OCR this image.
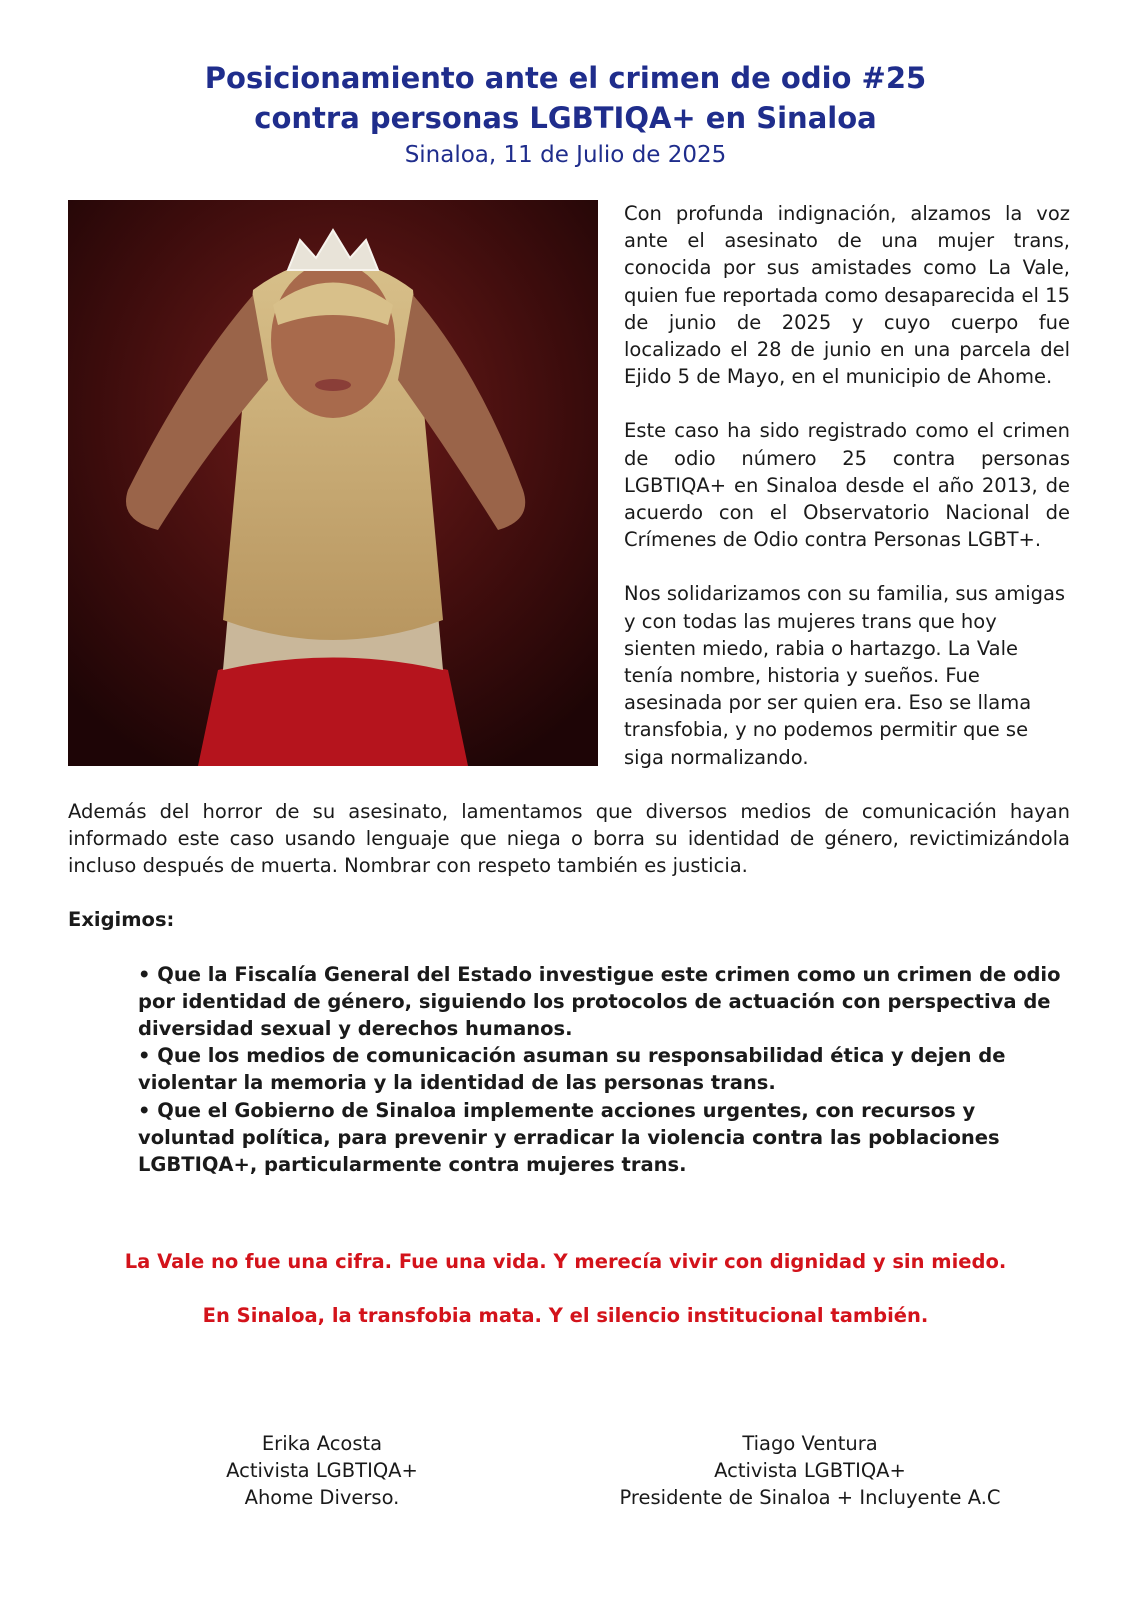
Posicionamiento ante el crimen de odio #25

contra personas LGBTIQA+ en Sinaloa

Sinaloa, 11 de Julio de 2025

Con profunda indignación, alzamos la voz ante el asesinato de una mujer trans, conocida por sus amistades como La Vale, quien fue reportada como desaparecida el 15 de junio de 2025 y cuyo cuerpo fue localizado el 28 de junio en una parcela del Ejido 5 de Mayo, en el municipio de Ahome.

Este caso ha sido registrado como el crimen de odio número 25 contra personas LGBTIQA+ en Sinaloa desde el año 2013, de acuerdo con el Observatorio Nacional de Crímenes de Odio contra Personas LGBT+.

Nos solidarizamos con su familia, sus amigas y con todas las mujeres trans que hoy sienten miedo, rabia o hartazgo. La Vale tenía nombre, historia y sueños. Fue asesinada por ser quien era. Eso se llama transfobia, y no podemos permitir que se siga normalizando.

Además del horror de su asesinato, lamentamos que diversos medios de comunicación hayan informado este caso usando lenguaje que niega o borra su identidad de género, revictimizándola incluso después de muerta. Nombrar con respeto también es justicia.

Exigimos:

• Que la Fiscalía General del Estado investigue este crimen como un crimen de odio por identidad de género, siguiendo los protocolos de actuación con perspectiva de diversidad sexual y derechos humanos.
• Que los medios de comunicación asuman su responsabilidad ética y dejen de violentar la memoria y la identidad de las personas trans.
• Que el Gobierno de Sinaloa implemente acciones urgentes, con recursos y voluntad política, para prevenir y erradicar la violencia contra las poblaciones LGBTIQA+, particularmente contra mujeres trans.
La Vale no fue una cifra. Fue una vida. Y merecía vivir con dignidad y sin miedo.
En Sinaloa, la transfobia mata. Y el silencio institucional también.
Erika Acosta
Activista LGBTIQA+
Ahome Diverso.
Tiago Ventura
Activista LGBTIQA+
Presidente de Sinaloa + Incluyente A.C
